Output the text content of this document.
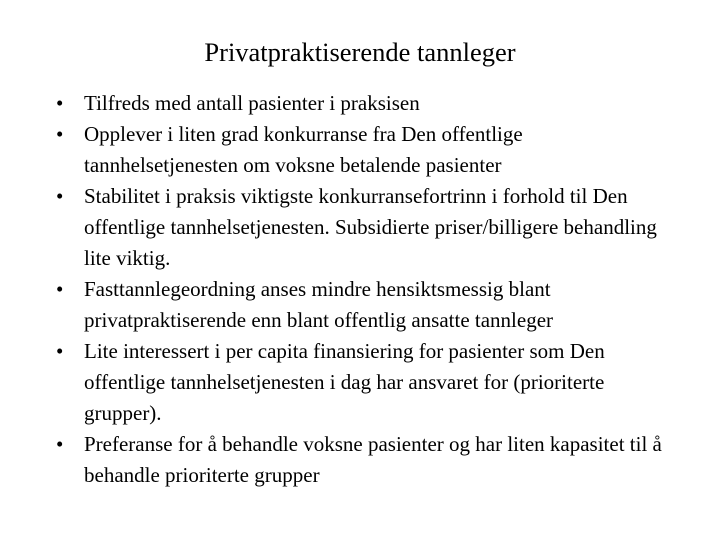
Privatpraktiserende tannleger
• Tilfreds med antall pasienter i praksisen
• Opplever i liten grad konkurranse fra Den offentlige tannhelsetjenesten om voksne betalende pasienter
• Stabilitet i praksis viktigste konkurransefortrinn i forhold til Den offentlige tannhelsetjenesten. Subsidierte priser/billigere behandling lite viktig.
• Fasttannlegeordning anses mindre hensiktsmessig blant privatpraktiserende enn blant offentlig ansatte tannleger
• Lite interessert i per capita finansiering for pasienter som Den offentlige tannhelsetjenesten i dag har ansvaret for (prioriterte grupper).
• Preferanse for å behandle voksne pasienter og har liten kapasitet til å behandle prioriterte grupper
